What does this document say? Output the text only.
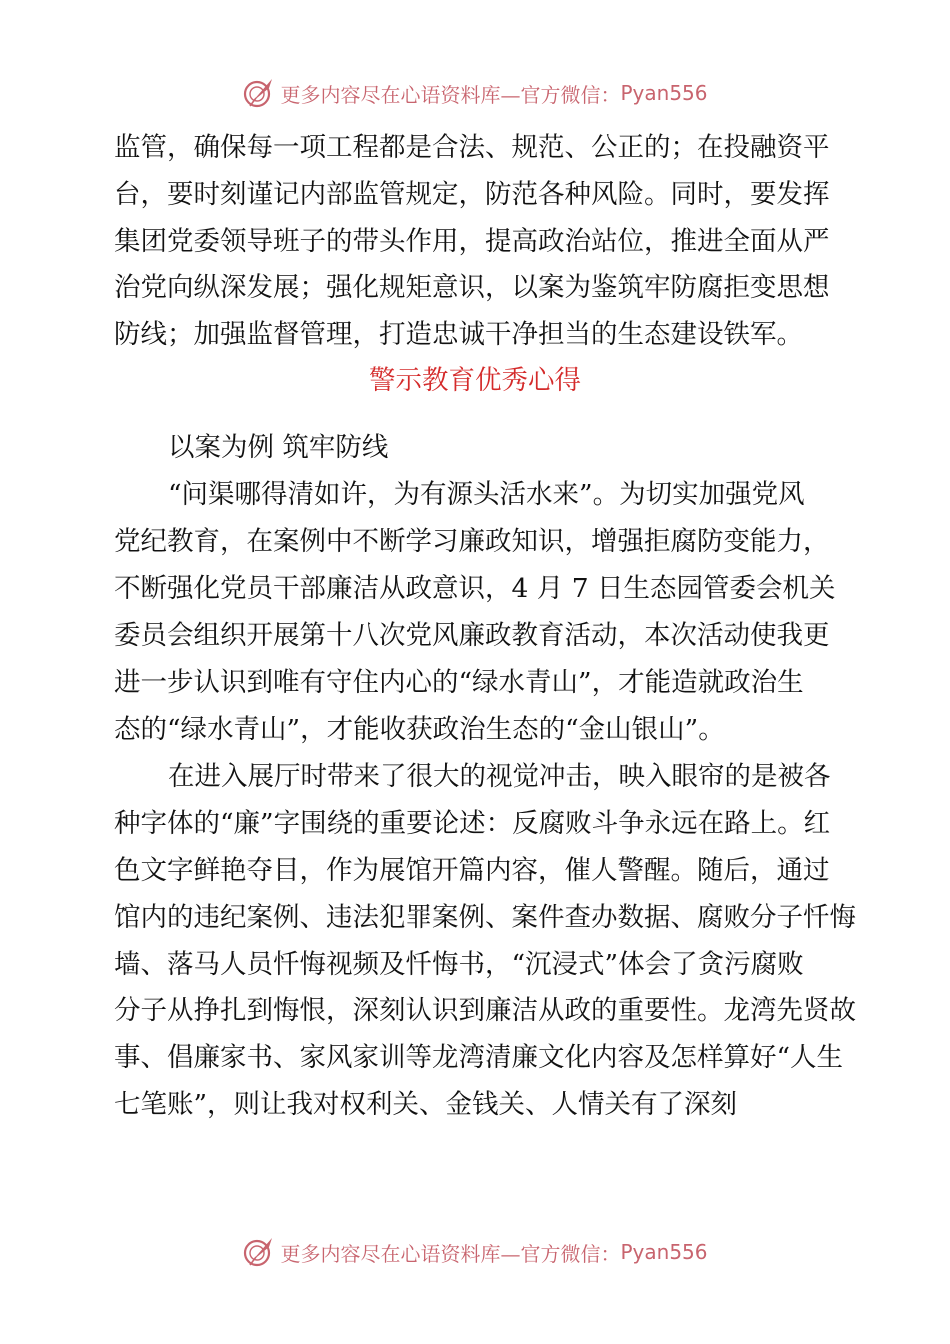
更多内容尽在心语资料库—官方微信： Pyan556
监管，确保每一项工程都是合法、规范、公正的；在投融资平
台，要时刻谨记内部监管规定，防范各种风险。同时，要发挥
集团党委领导班子的带头作用，提高政治站位，推进全面从严
治党向纵深发展；强化规矩意识，以案为鉴筑牢防腐拒变思想
防线；加强监督管理，打造忠诚干净担当的生态建设铁军。
警示教育优秀心得
以案为例 筑牢防线
“问渠哪得清如许，为有源头活水来”。为切实加强党风
党纪教育，在案例中不断学习廉政知识，增强拒腐防变能力，
不断强化党员干部廉洁从政意识，4 月 7 日生态园管委会机关
委员会组织开展第十八次党风廉政教育活动，本次活动使我更
进一步认识到唯有守住内心的“绿水青山”，才能造就政治生
态的“绿水青山”，才能收获政治生态的“金山银山”。
在进入展厅时带来了很大的视觉冲击，映入眼帘的是被各
种字体的“廉”字围绕的重要论述：反腐败斗争永远在路上。红
色文字鲜艳夺目，作为展馆开篇内容，催人警醒。随后，通过
馆内的违纪案例、违法犯罪案例、案件查办数据、腐败分子忏悔
墙、落马人员忏悔视频及忏悔书，“沉浸式”体会了贪污腐败
分子从挣扎到悔恨，深刻认识到廉洁从政的重要性。龙湾先贤故
事、倡廉家书、家风家训等龙湾清廉文化内容及怎样算好“人生
七笔账”，则让我对权利关、金钱关、人情关有了深刻
更多内容尽在心语资料库—官方微信： Pyan556
